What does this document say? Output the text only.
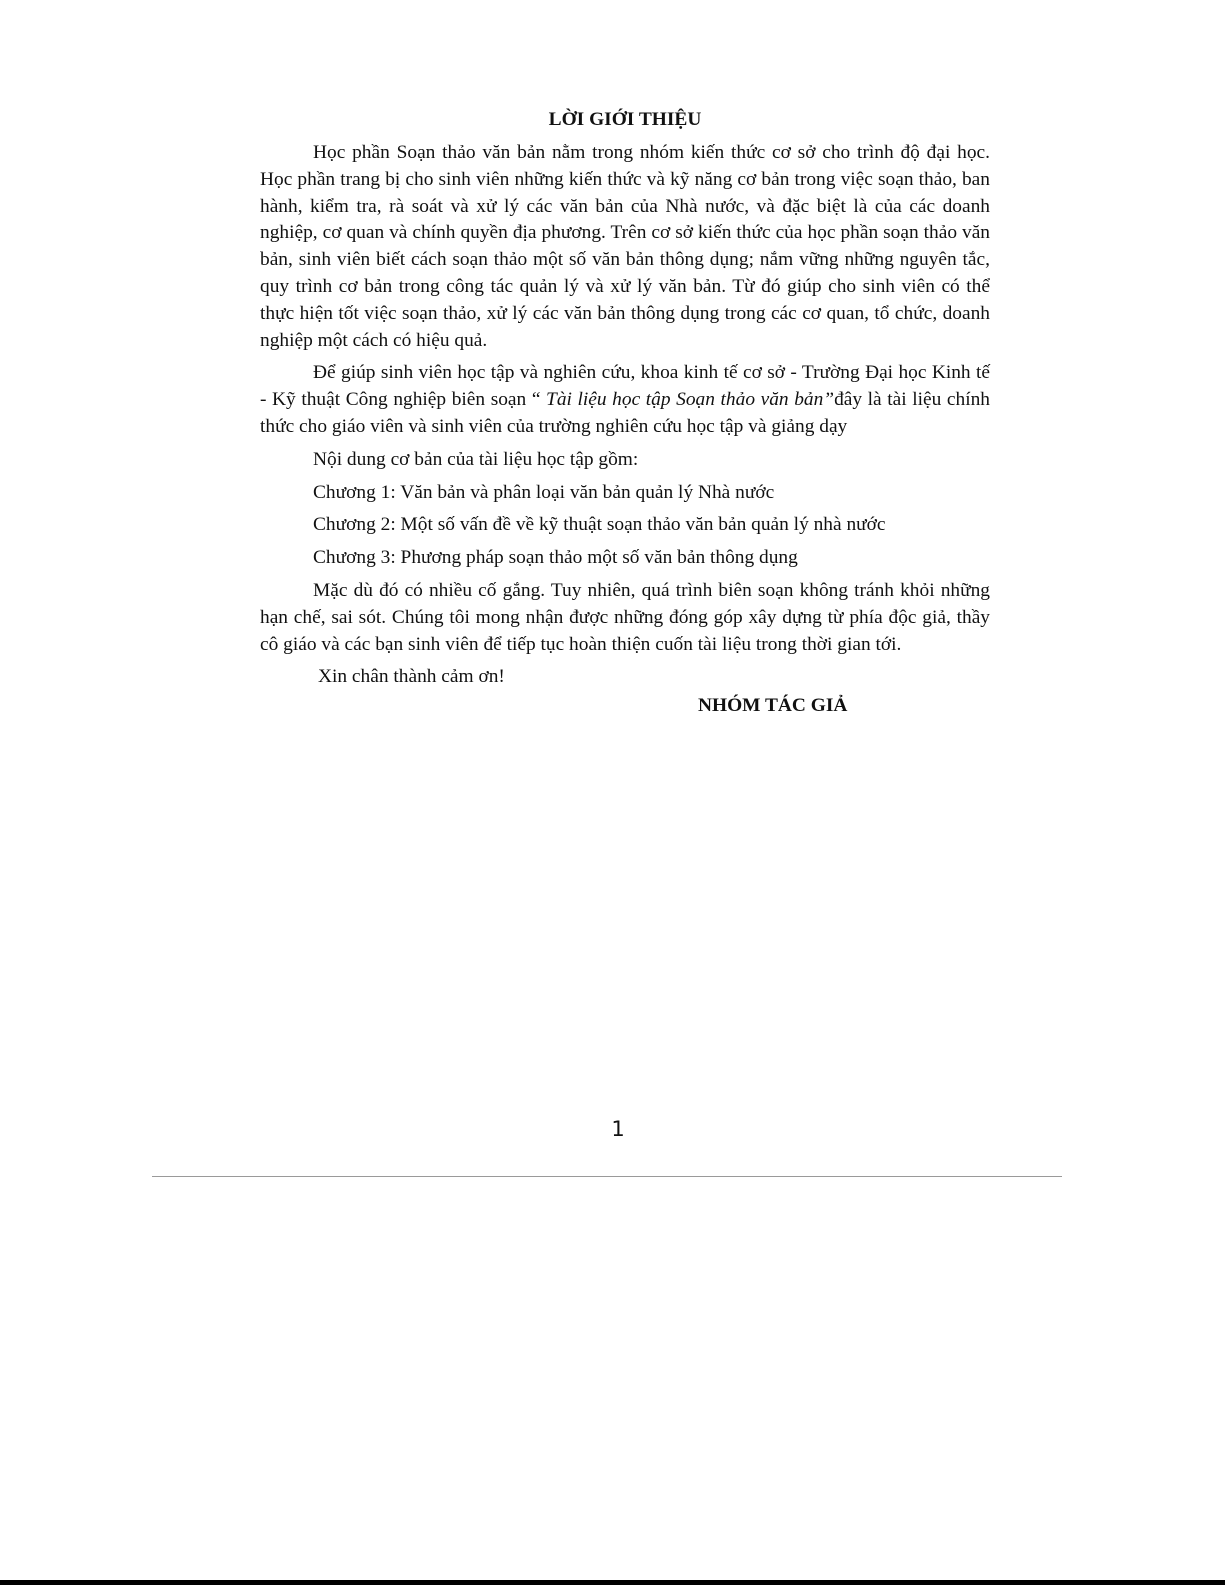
LỜI GIỚI THIỆU

Học phần Soạn thảo văn bản nằm trong nhóm kiến thức cơ sở cho trình độ đại học. Học phần trang bị cho sinh viên những kiến thức và kỹ năng cơ bản trong việc soạn thảo, ban hành, kiểm tra, rà soát và xử lý các văn bản của Nhà nước, và đặc biệt là của các doanh nghiệp, cơ quan và chính quyền địa phương. Trên cơ sở kiến thức của học phần soạn thảo văn bản, sinh viên biết cách soạn thảo một số văn bản thông dụng; nắm vững những nguyên tắc, quy trình cơ bản trong công tác quản lý và xử lý văn bản. Từ đó giúp cho sinh viên có thể thực hiện tốt việc soạn thảo, xử lý các văn bản thông dụng trong các cơ quan, tổ chức, doanh nghiệp một cách có hiệu quả.

Để giúp sinh viên học tập và nghiên cứu, khoa kinh tế cơ sở - Trường Đại học Kinh tế - Kỹ thuật Công nghiệp biên soạn “ Tài liệu học tập Soạn thảo văn bản”đây là tài liệu chính thức cho giáo viên và sinh viên của trường nghiên cứu học tập và giảng dạy

Nội dung cơ bản của tài liệu học tập gồm:

Chương 1: Văn bản và phân loại văn bản quản lý Nhà nước

Chương 2: Một số vấn đề về kỹ thuật soạn thảo văn bản quản lý nhà nước

Chương 3: Phương pháp soạn thảo một số văn bản thông dụng

Mặc dù đó có nhiều cố gắng. Tuy nhiên, quá trình biên soạn không tránh khỏi những hạn chế, sai sót. Chúng tôi mong nhận được những đóng góp xây dựng từ phía độc giả, thầy cô giáo và các bạn sinh viên để tiếp tục hoàn thiện cuốn tài liệu trong thời gian tới.

Xin chân thành cảm ơn!

NHÓM TÁC GIẢ

1
